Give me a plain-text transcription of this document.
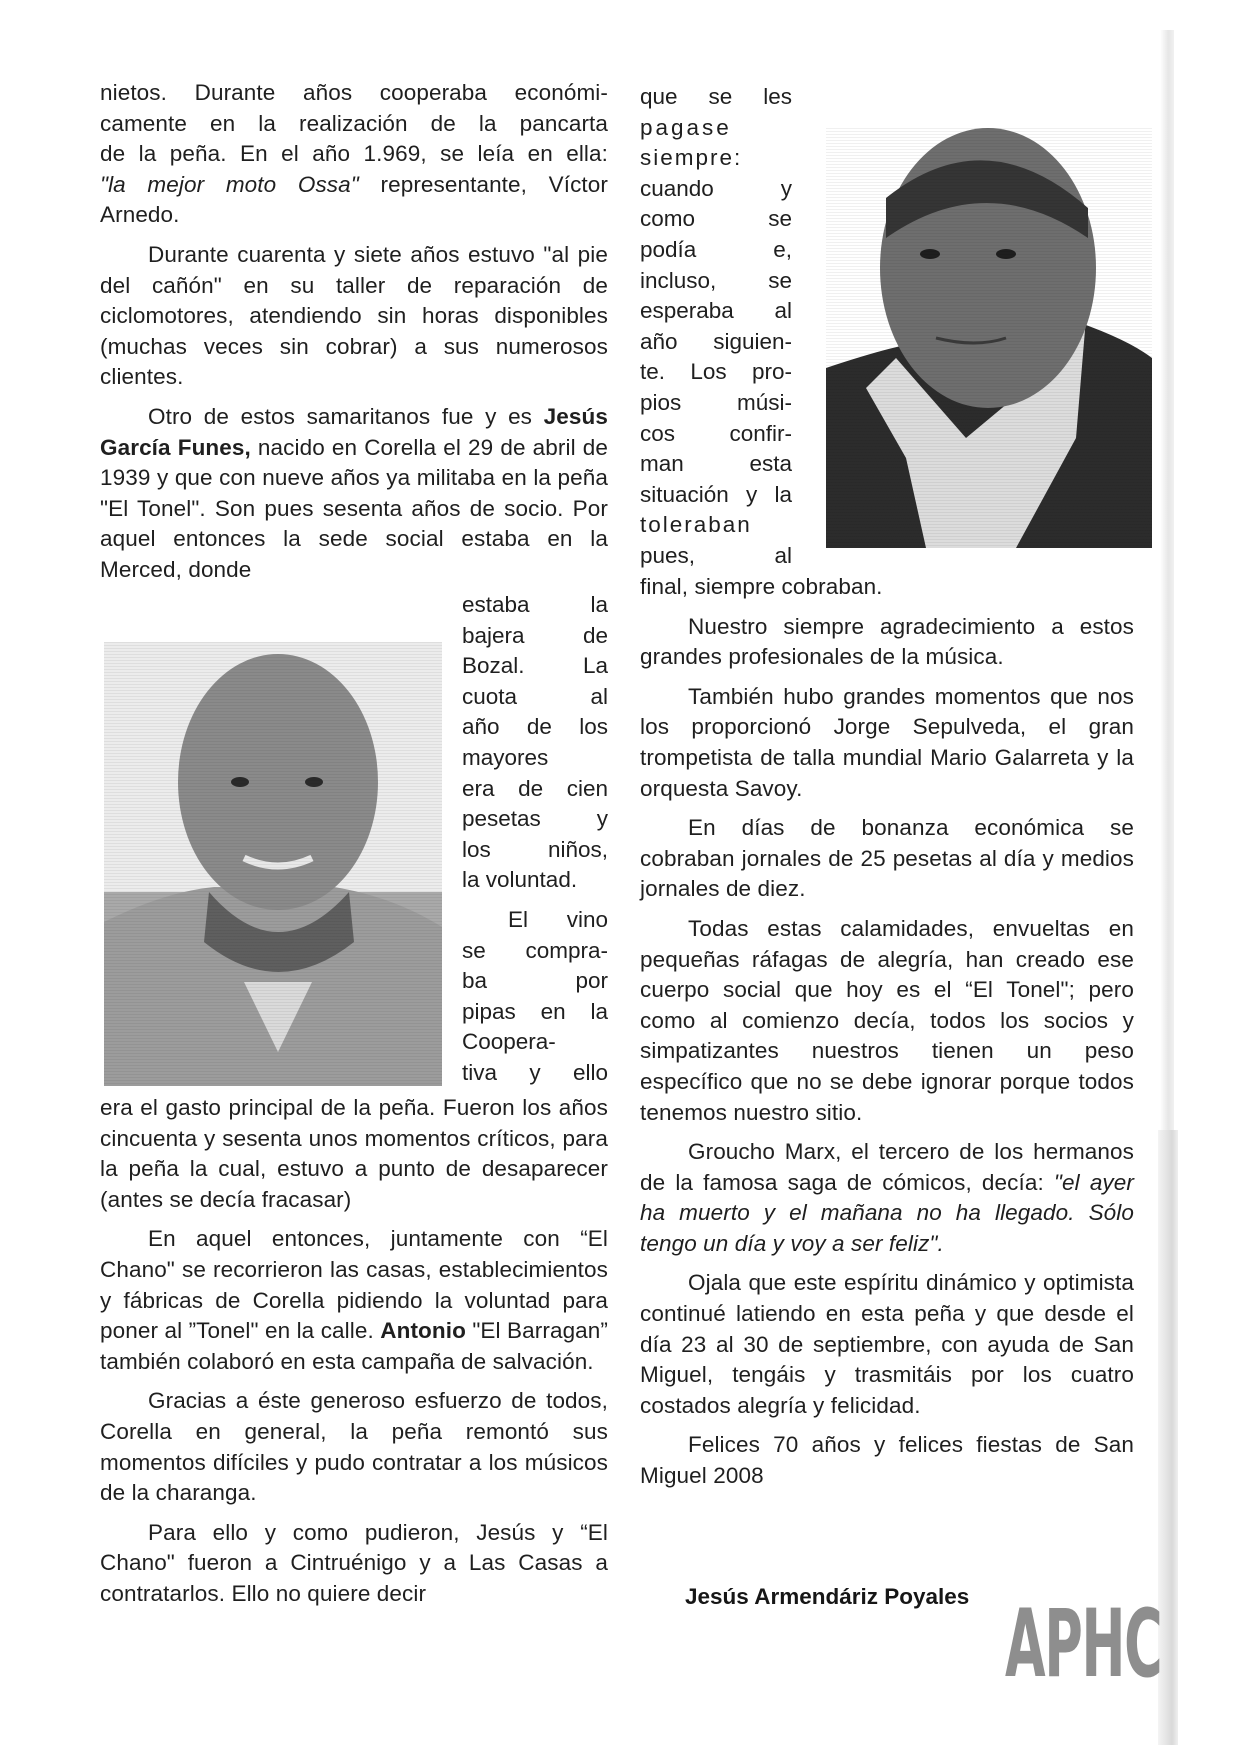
nietos. Durante años cooperaba económi-
camente en la realización de la pancarta
de la peña. En el año 1.969, se leía en ella:
"la mejor moto Ossa" representante, Víctor
Arnedo.

Durante cuarenta y siete años estuvo "al pie del cañón" en su taller de reparación de ciclomotores, atendiendo sin horas disponibles (muchas veces sin cobrar) a sus numerosos clientes.

Otro de estos samaritanos fue y es Jesús García Funes, nacido en Corella el 29 de abril de 1939 y que con nueve años ya militaba en la peña "El Tonel". Son pues sesenta años de socio. Por aquel entonces la sede social estaba en la Merced, donde

estaba la
bajera de
Bozal. La
cuota al
año de los
mayores
era de cien
pesetas y
los niños,
la voluntad.
El vino
se compra-
ba por
pipas en la
Coopera-
tiva y ello

era el gasto principal de la peña. Fueron los años cincuenta y sesenta unos momentos críticos, para la peña la cual, estuvo a punto de desaparecer (antes se decía fracasar)

En aquel entonces, juntamente con “El Chano" se recorrieron las casas, establecimientos y fábricas de Corella pidiendo la voluntad para poner al ”Tonel" en la calle. Antonio "El Barragan” también colaboró en esta campaña de salvación.

Gracias a éste generoso esfuerzo de todos, Corella en general, la peña remontó sus momentos difíciles y pudo contratar a los músicos de la charanga.

Para ello y como pudieron, Jesús y “El Chano" fueron a Cintruénigo y a Las Casas a contratarlos. Ello no quiere decir

que se les
pagase
siempre:
cuando y
como se
podía e,
incluso, se
esperaba al
año siguien-
te. Los pro-
pios músi-
cos confir-
man esta
situación y la
toleraban
pues, al

final, siempre cobraban.

Nuestro siempre agradecimiento a estos grandes profesionales de la música.

También hubo grandes momentos que nos los proporcionó Jorge Sepulveda, el gran trompetista de talla mundial Mario Galarreta y la orquesta Savoy.

En días de bonanza económica se cobraban jornales de 25 pesetas al día y medios jornales de diez.

Todas estas calamidades, envueltas en pequeñas ráfagas de alegría, han creado ese cuerpo social que hoy es el “El Tonel"; pero como al comienzo decía, todos los socios y simpatizantes nuestros tienen un peso específico que no se debe ignorar porque todos tenemos nuestro sitio.

Groucho Marx, el tercero de los hermanos de la famosa saga de cómicos, decía: "el ayer ha muerto y el mañana no ha llegado. Sólo tengo un día y voy a ser feliz".

Ojala que este espíritu dinámico y optimista continué latiendo en esta peña y que desde el día 23 al 30 de septiembre, con ayuda de San Miguel, tengáis y trasmitáis por los cuatro costados alegría y felicidad.

Felices 70 años y felices fiestas de San Miguel 2008

Jesús Armendáriz Poyales APHC
